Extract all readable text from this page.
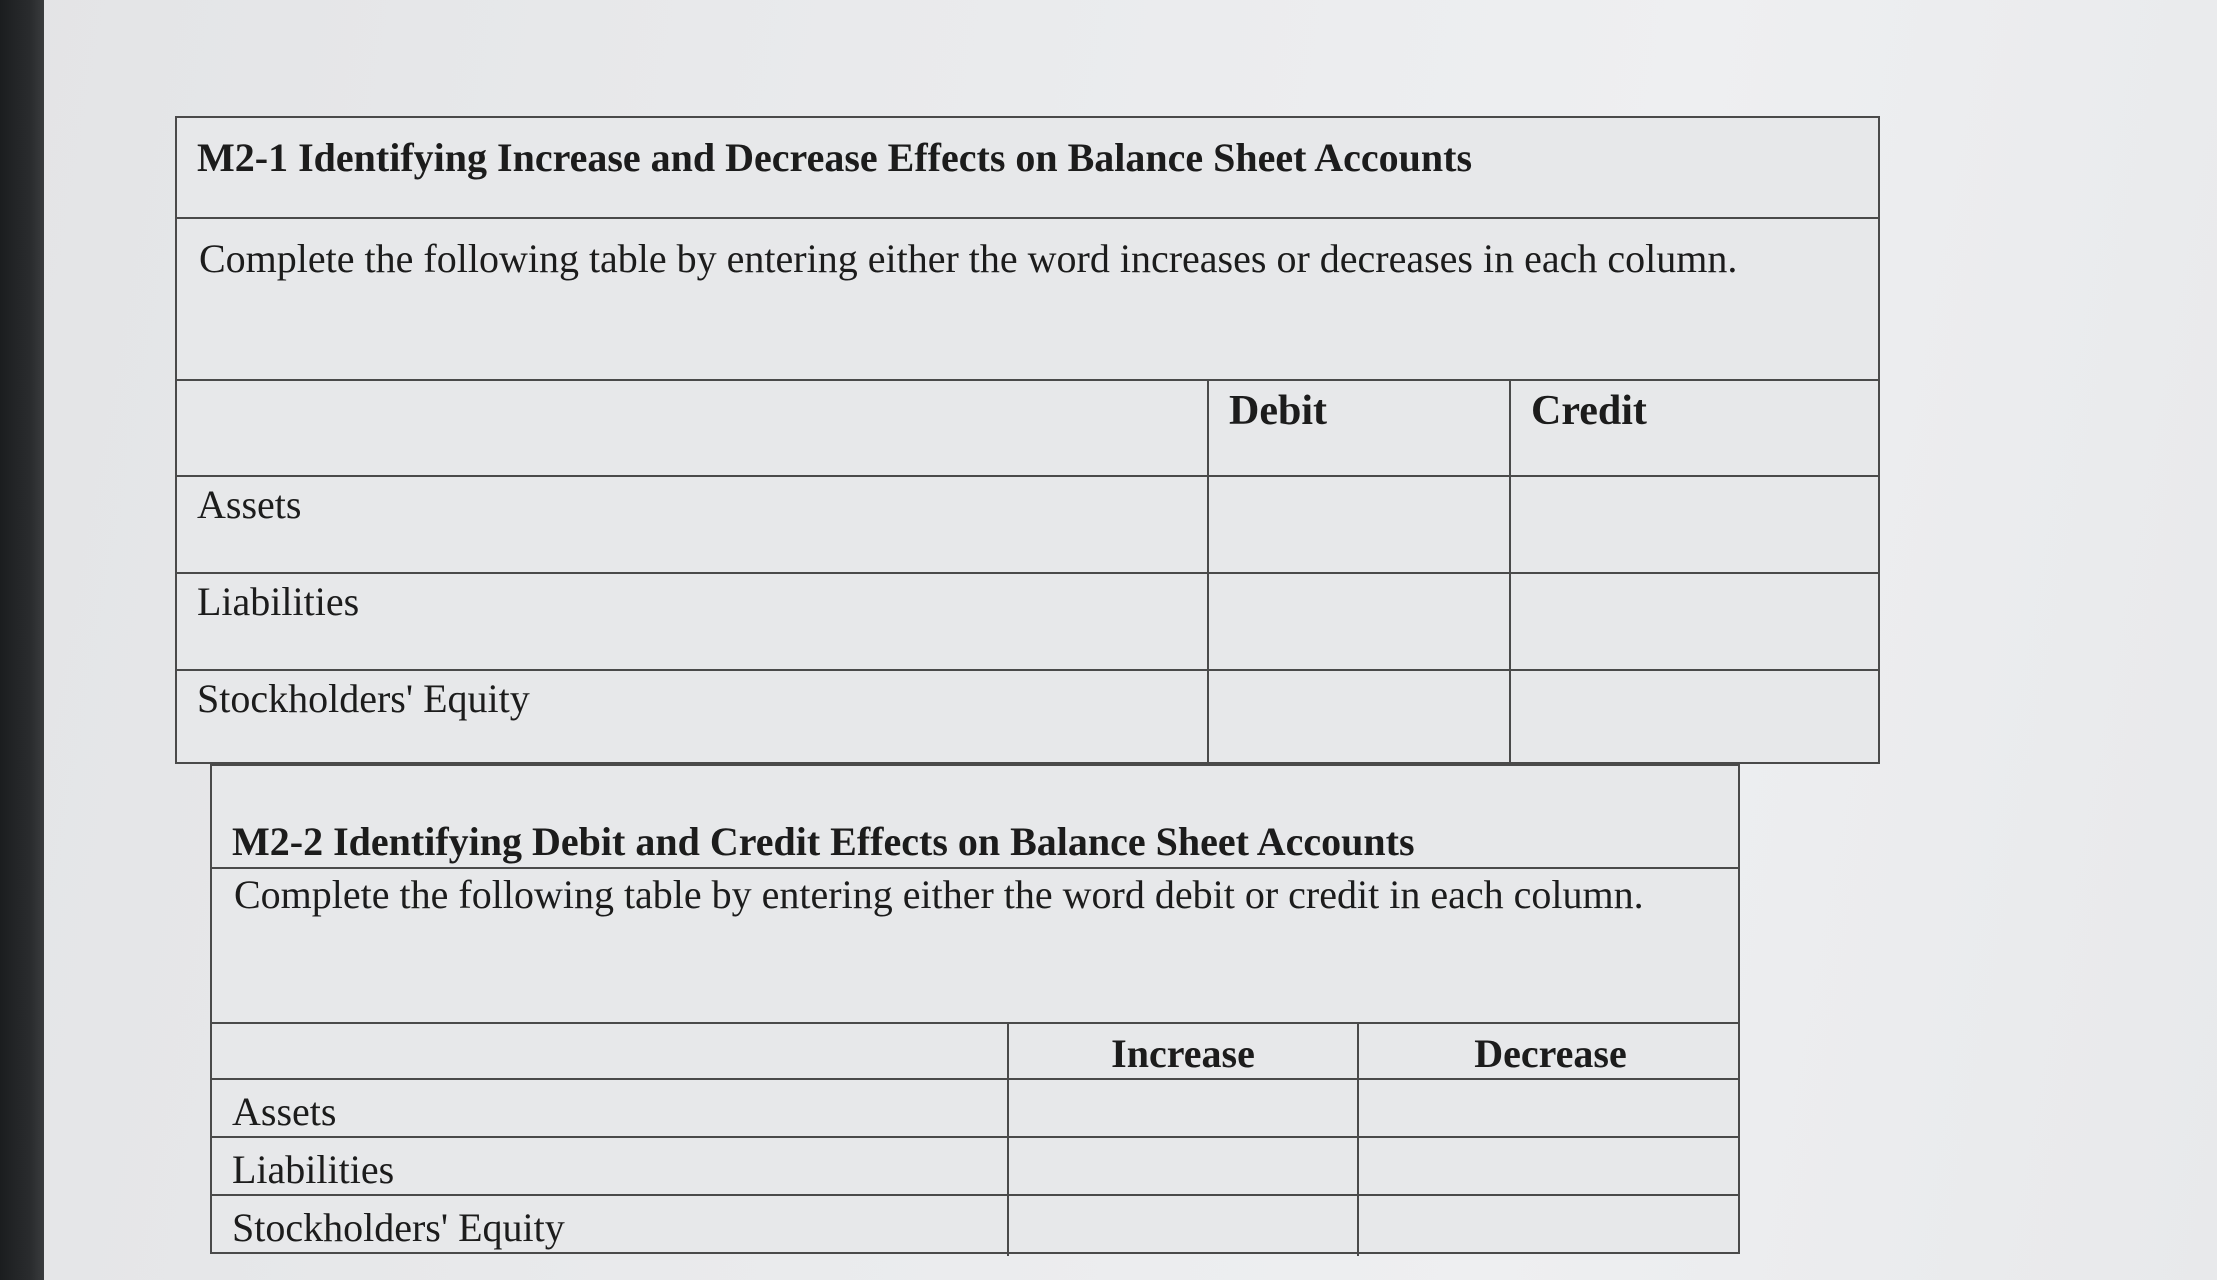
M2-1 Identifying Increase and Decrease Effects on Balance Sheet Accounts
Complete the following table by entering either the word increases or decreases in each column.
Debit	Credit
Assets
Liabilities
Stockholders' Equity
M2-2 Identifying Debit and Credit Effects on Balance Sheet Accounts
Complete the following table by entering either the word debit or credit in each column.
Increase	Decrease
Assets
Liabilities
Stockholders' Equity
